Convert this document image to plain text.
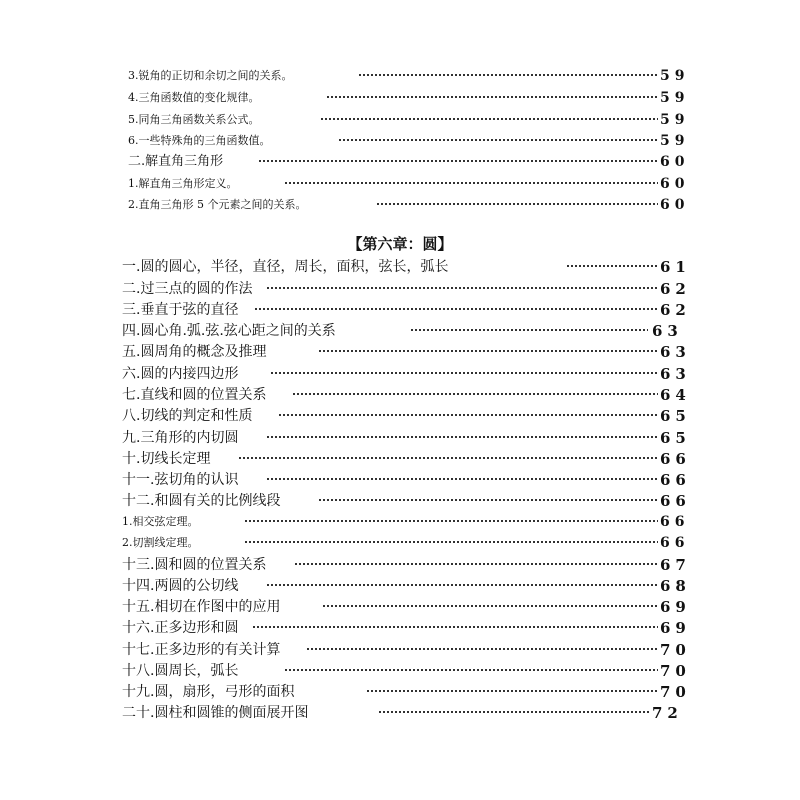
3.锐角的正切和余切之间的关系。	59
4.三角函数值的变化规律。	59
5.同角三角函数关系公式。	59
6.一些特殊角的三角函数值。	59
二.解直角三角形	60
1.解直角三角形定义。	60
2.直角三角形 5 个元素之间的关系。	60
【第六章：圆】
一.圆的圆心，半径，直径，周长，面积，弦长，弧长	61
二.过三点的圆的作法	62
三.垂直于弦的直径	62
四.圆心角.弧.弦.弦心距之间的关系	63
五.圆周角的概念及推理	63
六.圆的内接四边形	63
七.直线和圆的位置关系	64
八.切线的判定和性质	65
九.三角形的内切圆	65
十.切线长定理	66
十一.弦切角的认识	66
十二.和圆有关的比例线段	66
1.相交弦定理。	66
2.切割线定理。	66
十三.圆和圆的位置关系	67
十四.两圆的公切线	68
十五.相切在作图中的应用	69
十六.正多边形和圆	69
十七.正多边形的有关计算	70
十八.圆周长，弧长	70
十九.圆，扇形，弓形的面积	70
二十.圆柱和圆锥的侧面展开图	72
